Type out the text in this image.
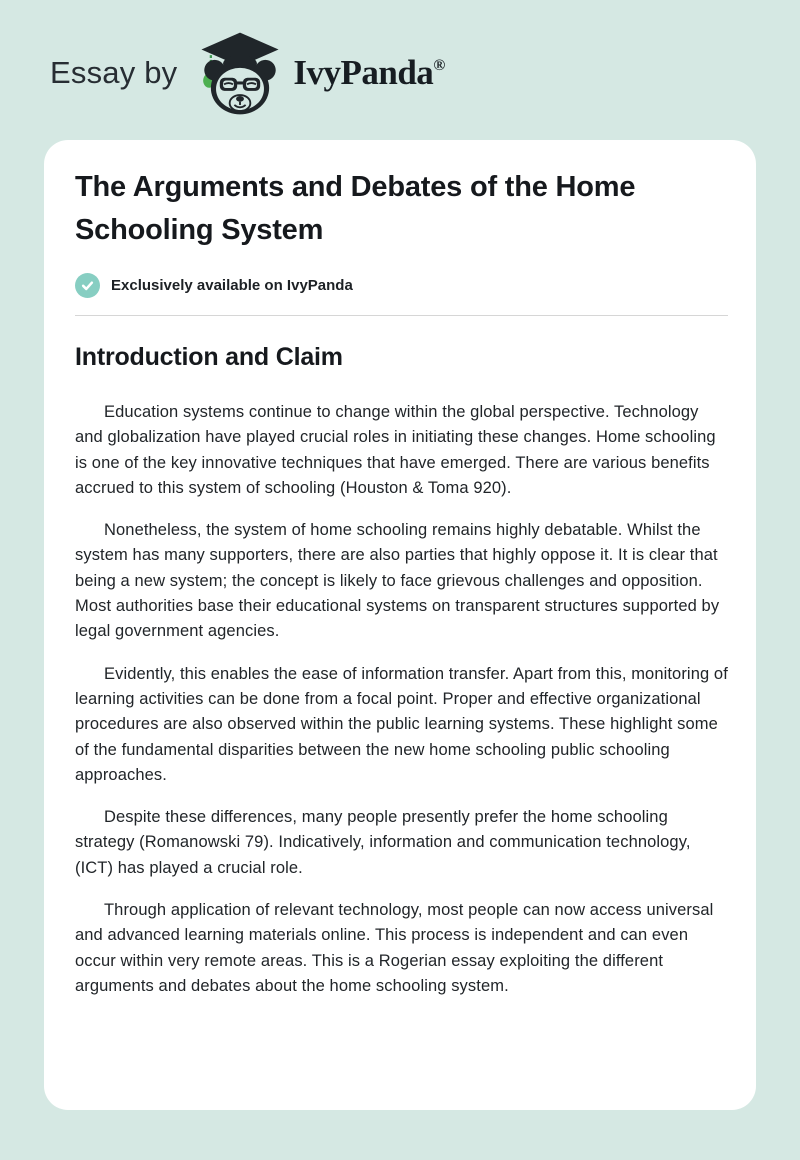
Essay by	IvyPanda®
The Arguments and Debates of the Home Schooling System
Exclusively available on IvyPanda
Introduction and Claim

Education systems continue to change within the global perspective. Technology and globalization have played crucial roles in initiating these changes. Home schooling is one of the key innovative techniques that have emerged. There are various benefits accrued to this system of schooling (Houston & Toma 920).

Nonetheless, the system of home schooling remains highly debatable. Whilst the system has many supporters, there are also parties that highly oppose it. It is clear that being a new system; the concept is likely to face grievous challenges and opposition. Most authorities base their educational systems on transparent structures supported by legal government agencies.

Evidently, this enables the ease of information transfer. Apart from this, monitoring of learning activities can be done from a focal point. Proper and effective organizational procedures are also observed within the public learning systems. These highlight some of the fundamental disparities between the new home schooling public schooling approaches.

Despite these differences, many people presently prefer the home schooling strategy (Romanowski 79). Indicatively, information and communication technology, (ICT) has played a crucial role.

Through application of relevant technology, most people can now access universal and advanced learning materials online. This process is independent and can even occur within very remote areas. This is a Rogerian essay exploiting the different arguments and debates about the home schooling system.
